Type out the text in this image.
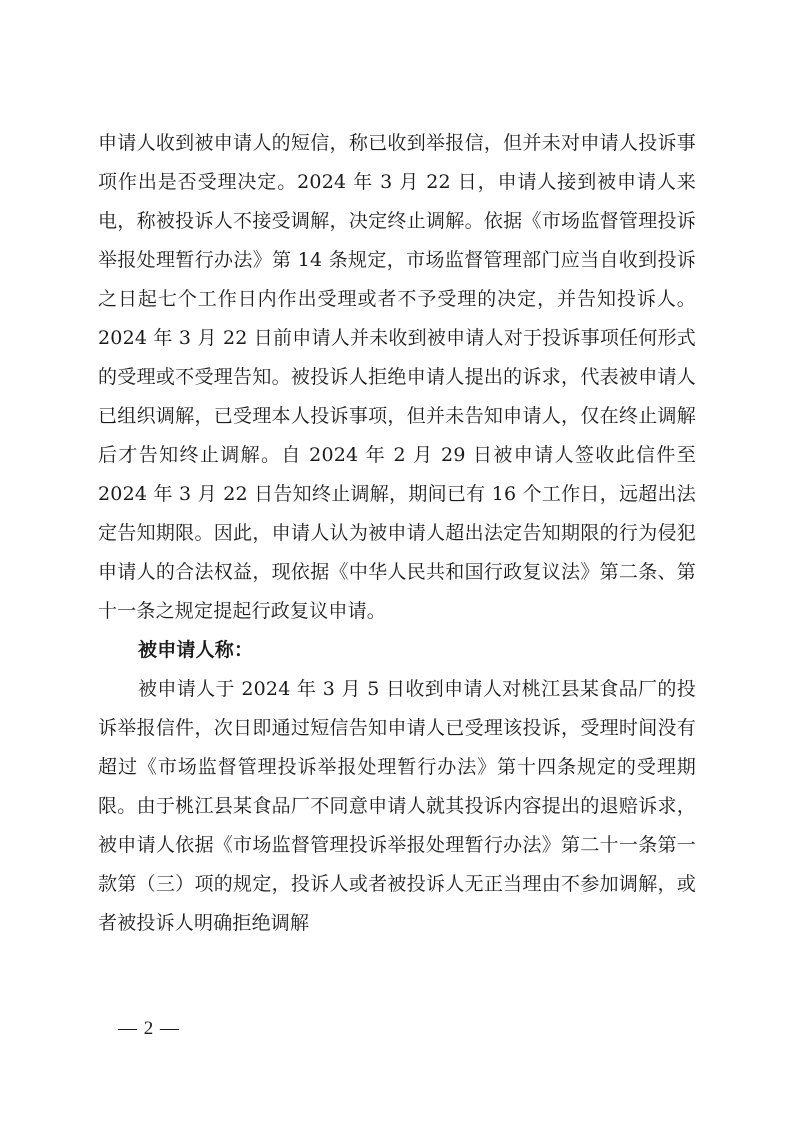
申请人收到被申请人的短信，称已收到举报信，但并未对申请人投诉事项作出是否受理决定。2024 年 3 月 22 日，申请人接到被申请人来电，称被投诉人不接受调解，决定终止调解。依据《市场监督管理投诉举报处理暂行办法》第 14 条规定，市场监督管理部门应当自收到投诉之日起七个工作日内作出受理或者不予受理的决定，并告知投诉人。2024 年 3 月 22 日前申请人并未收到被申请人对于投诉事项任何形式的受理或不受理告知。被投诉人拒绝申请人提出的诉求，代表被申请人已组织调解，已受理本人投诉事项，但并未告知申请人，仅在终止调解后才告知终止调解。自 2024 年 2 月 29 日被申请人签收此信件至 2024 年 3 月 22 日告知终止调解，期间已有 16 个工作日，远超出法定告知期限。因此，申请人认为被申请人超出法定告知期限的行为侵犯申请人的合法权益，现依据《中华人民共和国行政复议法》第二条、第十一条之规定提起行政复议申请。

被申请人称：

被申请人于 2024 年 3 月 5 日收到申请人对桃江县某食品厂的投诉举报信件，次日即通过短信告知申请人已受理该投诉，受理时间没有超过《市场监督管理投诉举报处理暂行办法》第十四条规定的受理期限。由于桃江县某食品厂不同意申请人就其投诉内容提出的退赔诉求，被申请人依据《市场监督管理投诉举报处理暂行办法》第二十一条第一款第（三）项的规定，投诉人或者被投诉人无正当理由不参加调解，或者被投诉人明确拒绝调解

— 2 —
